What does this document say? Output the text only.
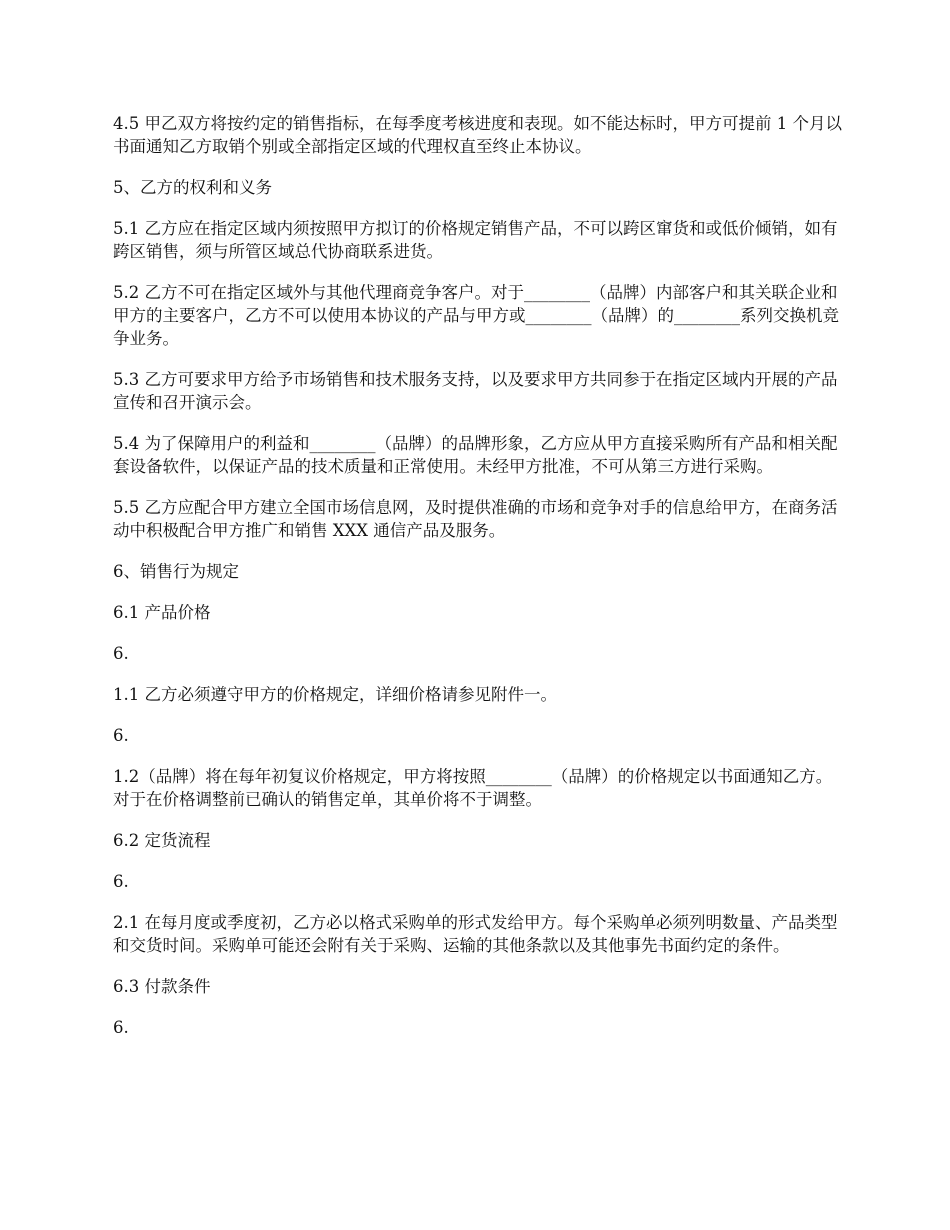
4.5 甲乙双方将按约定的销售指标，在每季度考核进度和表现。如不能达标时，甲方可提前 1 个月以书面通知乙方取销个别或全部指定区域的代理权直至终止本协议。

5、乙方的权利和义务

5.1 乙方应在指定区域内须按照甲方拟订的价格规定销售产品，不可以跨区窜货和或低价倾销，如有跨区销售，须与所管区域总代协商联系进货。

5.2 乙方不可在指定区域外与其他代理商竞争客户。对于________（品牌）内部客户和其关联企业和甲方的主要客户，乙方不可以使用本协议的产品与甲方或________（品牌）的________系列交换机竞争业务。

5.3 乙方可要求甲方给予市场销售和技术服务支持，以及要求甲方共同参于在指定区域内开展的产品宣传和召开演示会。

5.4 为了保障用户的利益和________（品牌）的品牌形象，乙方应从甲方直接采购所有产品和相关配套设备软件，以保证产品的技术质量和正常使用。未经甲方批准，不可从第三方进行采购。

5.5 乙方应配合甲方建立全国市场信息网，及时提供准确的市场和竞争对手的信息给甲方，在商务活动中积极配合甲方推广和销售 XXX 通信产品及服务。

6、销售行为规定

6.1 产品价格

6.

1.1 乙方必须遵守甲方的价格规定，详细价格请参见附件一。

6.

1.2（品牌）将在每年初复议价格规定，甲方将按照________（品牌）的价格规定以书面通知乙方。对于在价格调整前已确认的销售定单，其单价将不于调整。

6.2 定货流程

6.

2.1 在每月度或季度初，乙方必以格式采购单的形式发给甲方。每个采购单必须列明数量、产品类型和交货时间。采购单可能还会附有关于采购、运输的其他条款以及其他事先书面约定的条件。

6.3 付款条件

6.
